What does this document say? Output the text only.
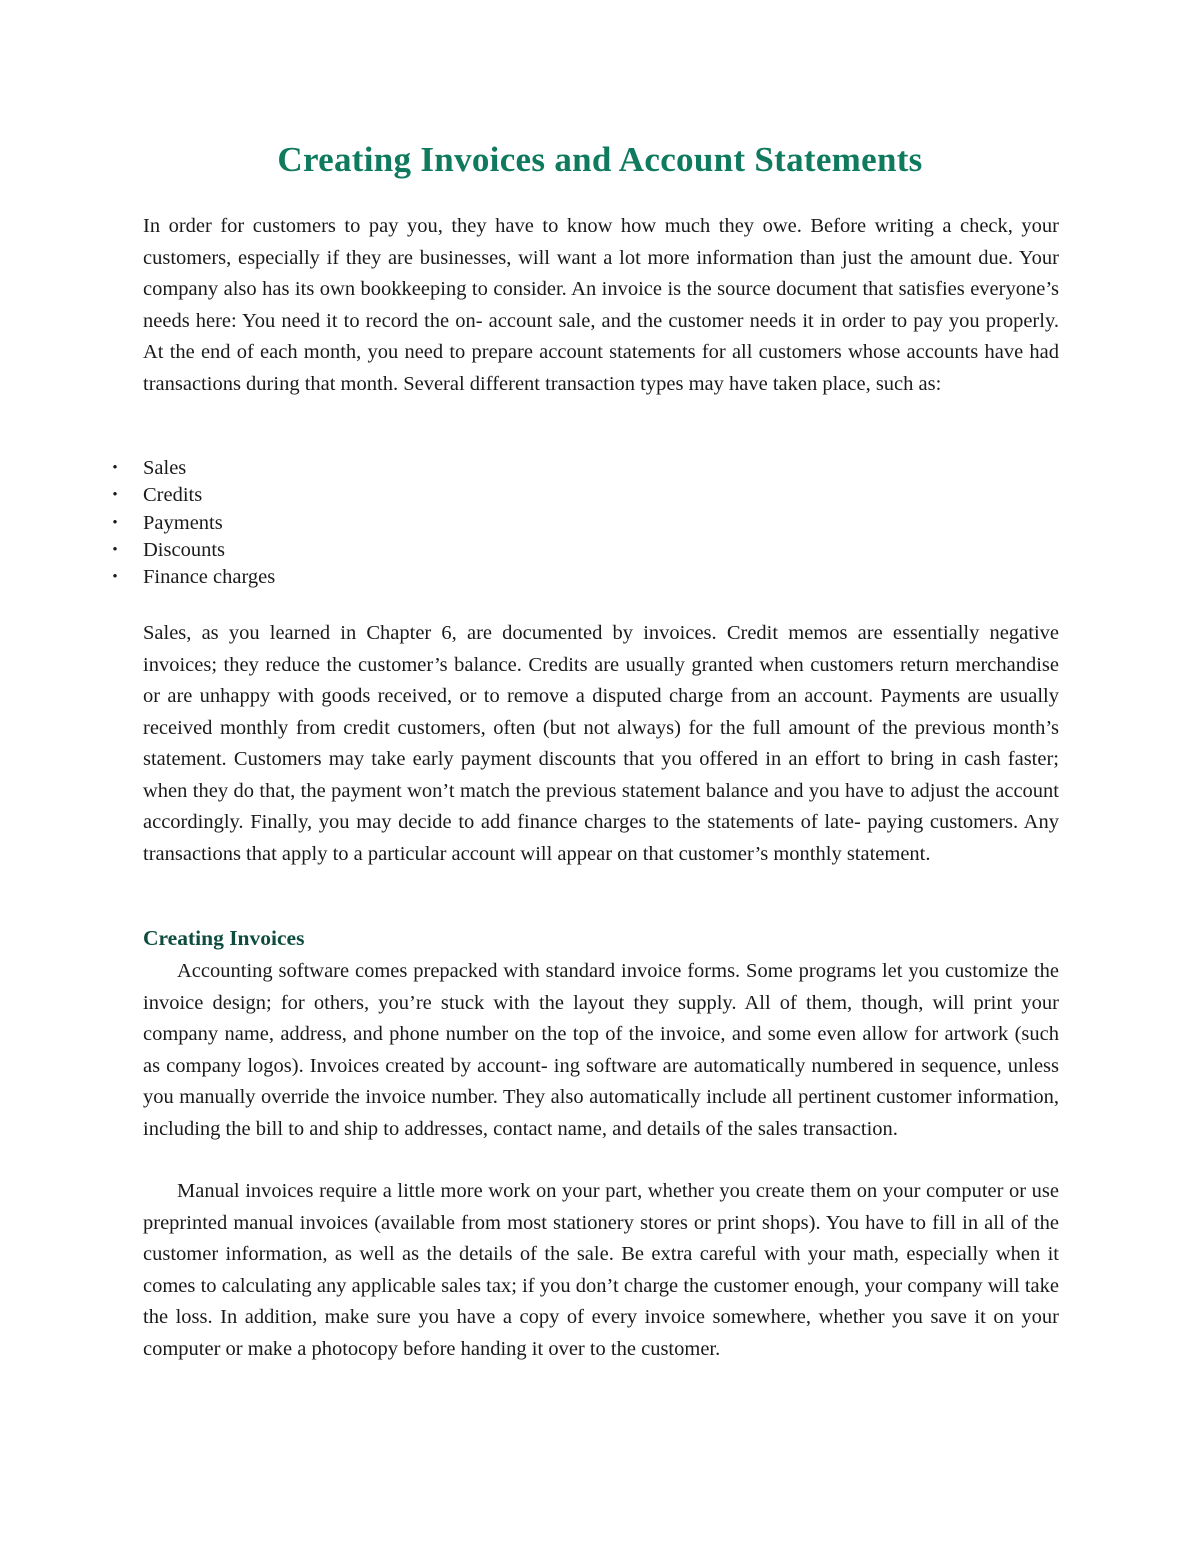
Creating Invoices and Account Statements

In order for customers to pay you, they have to know how much they owe. Before writing a check, your customers, especially if they are businesses, will want a lot more information than just the amount due. Your company also has its own bookkeeping to consider. An invoice is the source document that satisfies everyone’s needs here: You need it to record the on- account sale, and the customer needs it in order to pay you properly. At the end of each month, you need to prepare account statements for all customers whose accounts have had transactions during that month. Several different transaction types may have taken place, such as:

• Sales
• Credits
• Payments
• Discounts
• Finance charges

Sales, as you learned in Chapter 6, are documented by invoices. Credit memos are essentially negative invoices; they reduce the customer’s balance. Credits are usually granted when customers return merchandise or are unhappy with goods received, or to remove a disputed charge from an account. Payments are usually received monthly from credit customers, often (but not always) for the full amount of the previous month’s statement. Customers may take early payment discounts that you offered in an effort to bring in cash faster; when they do that, the payment won’t match the previous statement balance and you have to adjust the account accordingly. Finally, you may decide to add finance charges to the statements of late- paying customers. Any transactions that apply to a particular account will appear on that customer’s monthly statement.

Creating Invoices

Accounting software comes prepacked with standard invoice forms. Some programs let you customize the invoice design; for others, you’re stuck with the layout they supply. All of them, though, will print your company name, address, and phone number on the top of the invoice, and some even allow for artwork (such as company logos). Invoices created by account- ing software are automatically numbered in sequence, unless you manually override the invoice number. They also automatically include all pertinent customer information, including the bill to and ship to addresses, contact name, and details of the sales transaction.

Manual invoices require a little more work on your part, whether you create them on your computer or use preprinted manual invoices (available from most stationery stores or print shops). You have to fill in all of the customer information, as well as the details of the sale. Be extra careful with your math, especially when it comes to calculating any applicable sales tax; if you don’t charge the customer enough, your company will take the loss. In addition, make sure you have a copy of every invoice somewhere, whether you save it on your computer or make a photocopy before handing it over to the customer.
